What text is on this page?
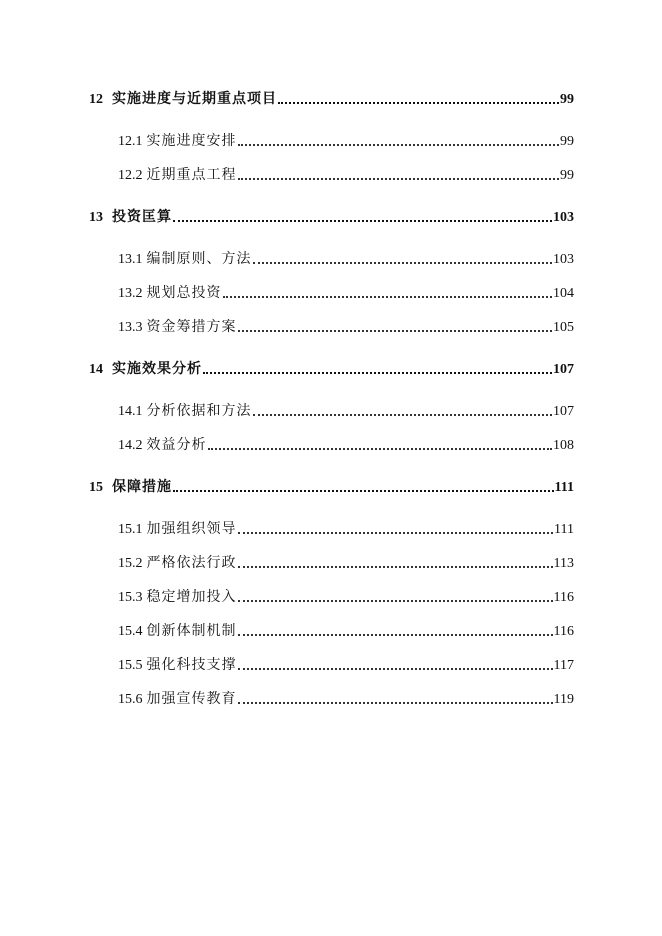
12 实施进度与近期重点项目	99
12.1 实施进度安排	99
12.2 近期重点工程	99
13 投资匡算	103
13.1 编制原则、方法	103
13.2 规划总投资	104
13.3 资金筹措方案	105
14 实施效果分析	107
14.1 分析依据和方法	107
14.2 效益分析	108
15 保障措施	111
15.1 加强组织领导	111
15.2 严格依法行政	113
15.3 稳定增加投入	116
15.4 创新体制机制	116
15.5 强化科技支撑	117
15.6 加强宣传教育	119
